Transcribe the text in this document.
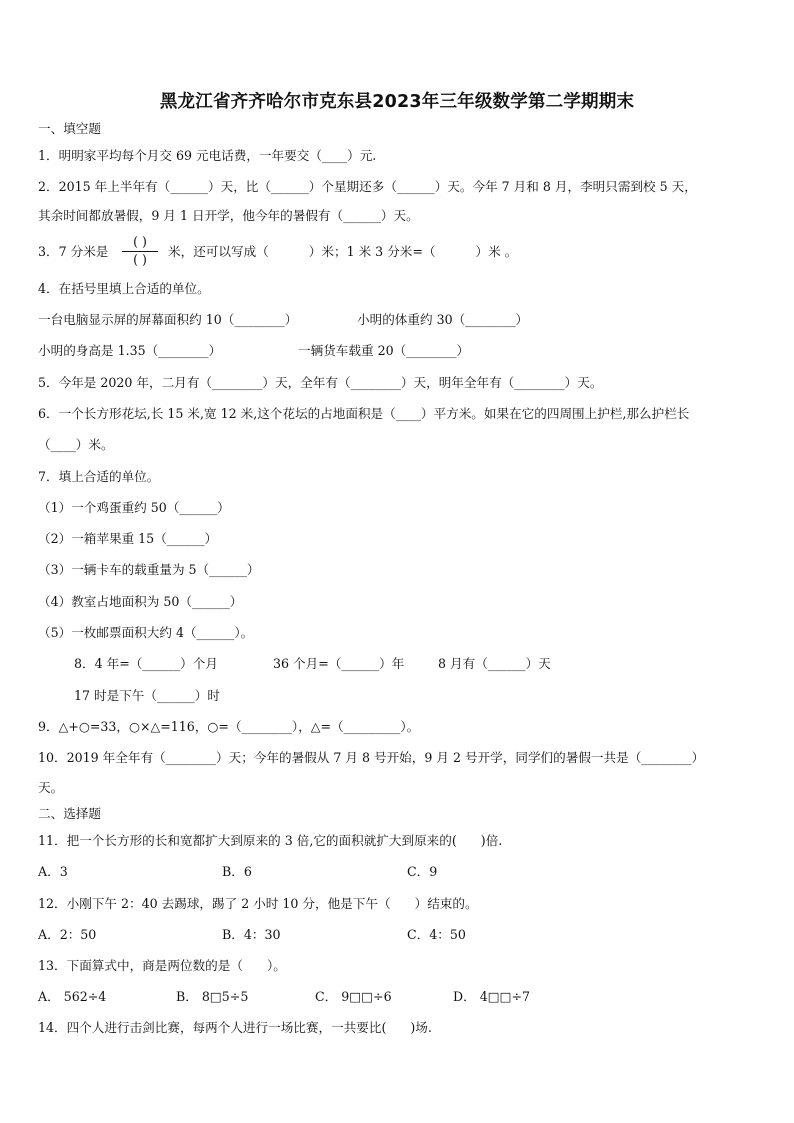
黑龙江省齐齐哈尔市克东县2023年三年级数学第二学期期末
一、填空题
1．明明家平均每个月交 69 元电话费，一年要交（____）元.
2．2015 年上半年有（______）天，比（______）个星期还多（______）天。今年 7 月和 8 月，李明只需到校 5 天，
其余时间都放暑假，9 月 1 日开学，他今年的暑假有（______）天。
3．7 分米是
( )
( )
米，还可以写成（          ）米；1 米 3 分米=（          ）米 。
4．在括号里填上合适的单位。
一台电脑显示屏的屏幕面积约 10（________）	小明的体重约 30（________）
小明的身高是 1.35（________）	一辆货车载重 20（________）
5．今年是 2020 年，二月有（________）天，全年有（________）天，明年全年有（________）天。
6．一个长方形花坛,长 15 米,宽 12 米,这个花坛的占地面积是（____）平方米。如果在它的四周围上护栏,那么护栏长
（____）米。
7．填上合适的单位。
（1）一个鸡蛋重约 50（______）
（2）一箱苹果重 15（______）
（3）一辆卡车的载重量为 5（______）
（4）教室占地面积为 50（______）
（5）一枚邮票面积大约 4（______）。
8．4 年=（______）个月	36 个月=（______）年	8 月有（______）天
17 时是下午（______）时
9．△+○=33，○×△=116，○=（________），△=（_________）。
10．2019 年全年有（________）天；今年的暑假从 7 月 8 号开始，9 月 2 号开学，同学们的暑假一共是（________）
天。
二、选择题
11．把一个长方形的长和宽都扩大到原来的 3 倍,它的面积就扩大到原来的(      )倍.
A．3	B．6	C．9
12．小刚下午 2：40 去踢球，踢了 2 小时 10 分，他是下午（      ）结束的。
A．2：50	B．4：30	C．4：50
13．下面算式中，商是两位数的是（      ）。
A． 562÷4	B． 8□5÷5	C． 9□□÷6	D． 4□□÷7
14．四个人进行击剑比赛，每两个人进行一场比赛，一共要比(      )场.
